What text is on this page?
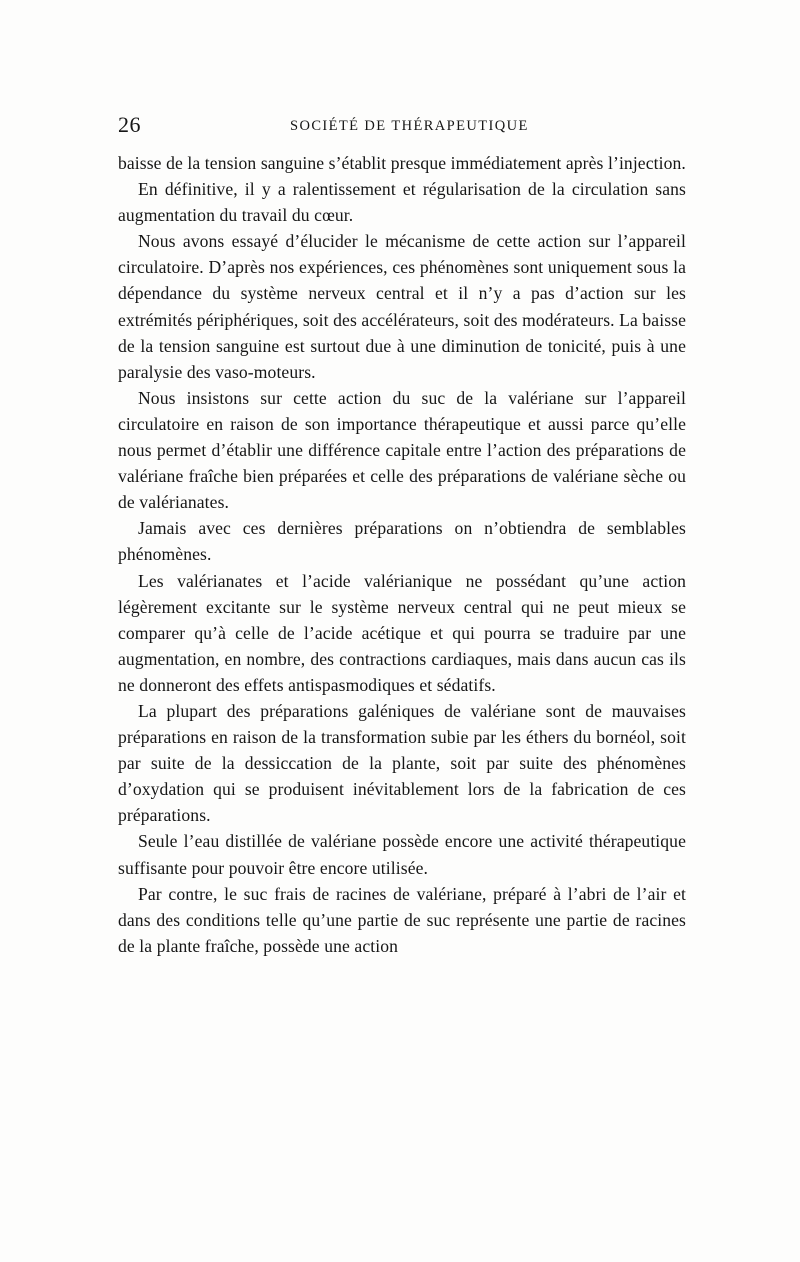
26	SOCIÉTÉ DE THÉRAPEUTIQUE

baisse de la tension sanguine s’établit presque immédiatement après l’injection.

En définitive, il y a ralentissement et régularisation de la circulation sans augmentation du travail du cœur.

Nous avons essayé d’élucider le mécanisme de cette action sur l’appareil circulatoire. D’après nos expériences, ces phénomènes sont uniquement sous la dépendance du système nerveux central et il n’y a pas d’action sur les extrémités périphériques, soit des accélérateurs, soit des modérateurs. La baisse de la tension sanguine est surtout due à une diminution de tonicité, puis à une paralysie des vaso-moteurs.

Nous insistons sur cette action du suc de la valériane sur l’appareil circulatoire en raison de son importance thérapeutique et aussi parce qu’elle nous permet d’établir une différence capitale entre l’action des préparations de valériane fraîche bien préparées et celle des préparations de valériane sèche ou de valérianates.

Jamais avec ces dernières préparations on n’obtiendra de semblables phénomènes.

Les valérianates et l’acide valérianique ne possédant qu’une action légèrement excitante sur le système nerveux central qui ne peut mieux se comparer qu’à celle de l’acide acétique et qui pourra se traduire par une augmentation, en nombre, des contractions cardiaques, mais dans aucun cas ils ne donneront des effets antispasmodiques et sédatifs.

La plupart des préparations galéniques de valériane sont de mauvaises préparations en raison de la transformation subie par les éthers du bornéol, soit par suite de la dessiccation de la plante, soit par suite des phénomènes d’oxydation qui se produisent inévitablement lors de la fabrication de ces préparations.

Seule l’eau distillée de valériane possède encore une activité thérapeutique suffisante pour pouvoir être encore utilisée.

Par contre, le suc frais de racines de valériane, préparé à l’abri de l’air et dans des conditions telle qu’une partie de suc représente une partie de racines de la plante fraîche, possède une action
